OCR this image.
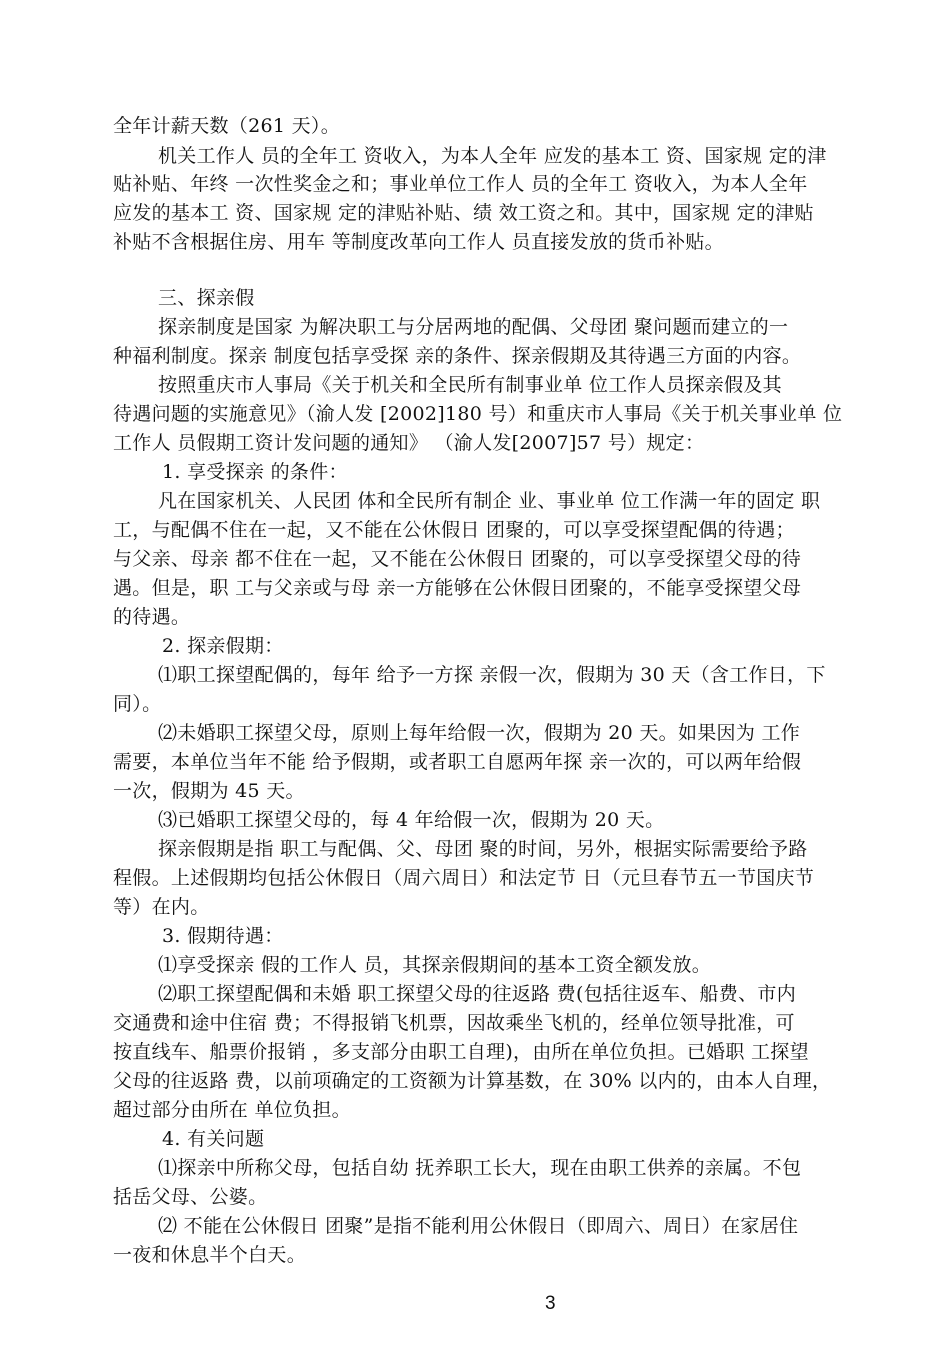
全年计薪天数（261 天）。
机关工作人 员的全年工 资收入，为本人全年 应发的基本工 资、国家规 定的津
贴补贴、年终 一次性奖金之和；事业单位工作人 员的全年工 资收入，为本人全年
应发的基本工 资、国家规 定的津贴补贴、绩 效工资之和。其中，国家规 定的津贴
补贴不含根据住房、用车 等制度改革向工作人 员直接发放的货币补贴。
三、探亲假
探亲制度是国家 为解决职工与分居两地的配偶、父母团 聚问题而建立的一
种福利制度。探亲 制度包括享受探 亲的条件、探亲假期及其待遇三方面的内容。
按照重庆市人事局《关于机关和全民所有制事业单 位工作人员探亲假及其
待遇问题的实施意见》（渝人发 [2002]180 号）和重庆市人事局《关于机关事业单 位
工作人 员假期工资计发问题的通知》 （渝人发[2007]57 号）规定：
1. 享受探亲 的条件：
凡在国家机关、人民团 体和全民所有制企 业、事业单 位工作满一年的固定 职
工，与配偶不住在一起，又不能在公休假日 团聚的，可以享受探望配偶的待遇；
与父亲、母亲 都不住在一起，又不能在公休假日 团聚的，可以享受探望父母的待
遇。但是，职 工与父亲或与母 亲一方能够在公休假日团聚的，不能享受探望父母
的待遇。
2. 探亲假期：
⑴职工探望配偶的，每年 给予一方探 亲假一次，假期为 30 天（含工作日，下
同）。
⑵未婚职工探望父母，原则上每年给假一次，假期为 20 天。如果因为 工作
需要，本单位当年不能 给予假期，或者职工自愿两年探 亲一次的，可以两年给假
一次，假期为 45 天。
⑶已婚职工探望父母的，每 4 年给假一次，假期为 20 天。
探亲假期是指 职工与配偶、父、母团 聚的时间，另外，根据实际需要给予路
程假。上述假期均包括公休假日（周六周日）和法定节 日（元旦春节五一节国庆节
等）在内。
3. 假期待遇：
⑴享受探亲 假的工作人 员，其探亲假期间的基本工资全额发放。
⑵职工探望配偶和未婚 职工探望父母的往返路 费(包括往返车、船费、市内
交通费和途中住宿 费；不得报销飞机票，因故乘坐飞机的，经单位领导批准，可
按直线车、船票价报销 ，多支部分由职工自理)，由所在单位负担。已婚职 工探望
父母的往返路 费，以前项确定的工资额为计算基数，在 30% 以内的，由本人自理，
超过部分由所在 单位负担。
4. 有关问题
⑴探亲中所称父母，包括自幼 抚养职工长大，现在由职工供养的亲属。不包
括岳父母、公婆。
⑵ 不能在公休假日 团聚”是指不能利用公休假日（即周六、周日）在家居住
一夜和休息半个白天。
3
